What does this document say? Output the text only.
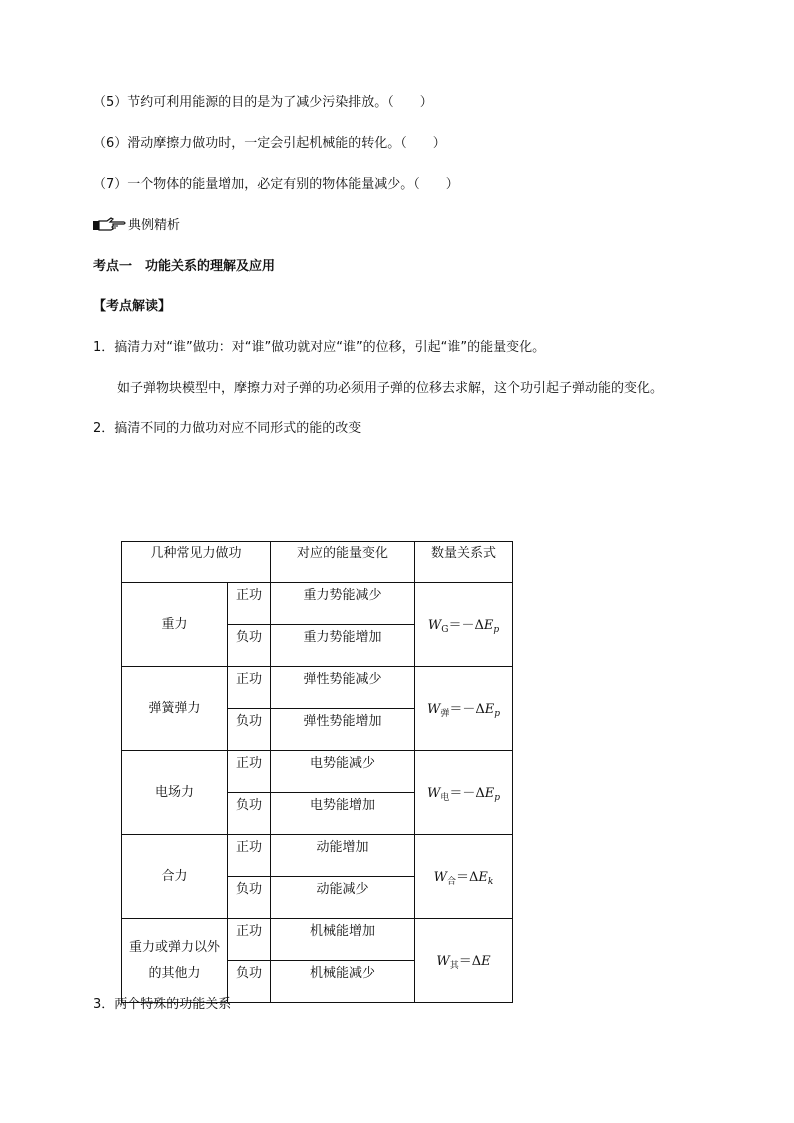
（5）节约可利用能源的目的是为了减少污染排放。（　　）
（6）滑动摩擦力做功时，一定会引起机械能的转化。（　　）
（7）一个物体的能量增加，必定有别的物体能量减少。（　　）
典例精析
考点一　功能关系的理解及应用
【考点解读】
1．搞清力对“谁”做功：对“谁”做功就对应“谁”的位移，引起“谁”的能量变化。
如子弹物块模型中，摩擦力对子弹的功必须用子弹的位移去求解，这个功引起子弹动能的变化。
2．搞清不同的力做功对应不同形式的能的改变
几种常见力做功		对应的能量变化	数量关系式

重力	正功	重力势能减少	$W_G=-\Delta E_p$
	负功	重力势能增加	

弹簧弹力	正功	弹性势能减少	$W_弹=-\Delta E_p$
	负功	弹性势能增加	

电场力	正功	电势能减少	$W_电=-\Delta E_p$
	负功	电势能增加	

合力	正功	动能增加	$W_合=\Delta E_k$
	负功	动能减少	

重力或弹力以外的其他力	正功	机械能增加	$W_其=\Delta E$
	负功	机械能减少	
3．两个特殊的功能关系
